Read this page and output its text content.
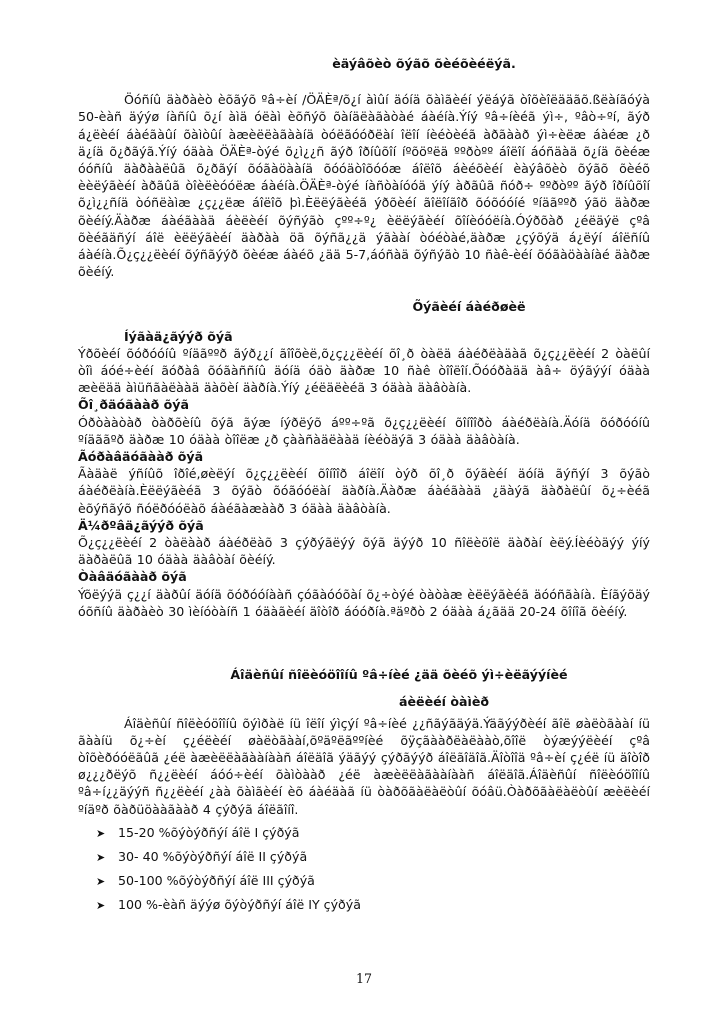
èäýâõèò õýãõ õèéõèéëýã.

Öóñíû äàðàèò èõãýõ ºâ÷èí /ÖÄÈª/õ¿í àìûí äóíä õàìãèéí ýëáýã òîõèîëääãõ.ßëàíãóýà 50-èàñ äýýø íàñíû õ¿í àìä óëàì èõñýõ õàíäëàãàòàé áàéíà.Ýíý ºâ÷íèéã ýì÷, ºâò÷ºí, ãýð á¿ëèéí áàéãàûí õàìòûí àæèëëàãààíä òóëãóóðëàí îëîí íèéòèéã àðãààð ýì÷èëæ áàéæ ¿ð ä¿íä õ¿ðãýã.Ýíý óäàà ÖÄÈª-òýé õ¿ì¿¿ñ ãýð îðíûõîí íºõöºëä ººðòºº áîëîí áóñäàä õ¿íä õèéæ óóñíû äàðààëûã õ¿ðãýí õóãàöààíä õóóäòîõóóæ áîëîõ áèéõèéí èàýâõèò õýãõ õèéõ èèëýãèéí àðãûã òîèëèóóëæ áàéíà.ÖÄÈª-òýé íàñòàíóóä ýíý àðãûã ñóð÷ ººðòºº ãýð îðíûõîí õ¿ì¿¿ñíä òóñëàìæ ¿ç¿¿ëæ áîëîõ þì.Èëëýãèéã ýðõèéí ãîëîíãîð õóõóóíé ºíäãººð ýãö äàðæ õèéíý.Äàðæ áàéãààä áèëèéí õýñýãò çºº÷º¿ èëëýãèéí õîíèóóëíà.Óýðõàð ¿éëäýë çºâ õèéãäñýí áîë èëëýãèéí äàðàà öã õýñã¿¿ä ýãààí òóéòàé,äàðæ ¿çýõýä á¿ëýí áîëñíû áàéíà.Õ¿ç¿¿ëèéí õýñãýýð õèéæ áàéõ ¿ää 5-7,áóñàä õýñýãò 10 ñàê-èéí õóãàöààíàé äàðæ õèéíý.

Õýãèéí áàéðøèë

Íýãàä¿ãýýð õýã

Ýðõèéí õóðóóíû ºíäãººð ãýð¿¿í ãîîõèë,õ¿ç¿¿ëèéí õî¸ð òàëä áàéðëàäàã õ¿ç¿¿ëèéí 2 òàëûí òîì áóé÷èéí ãóðàâ õóãàññíû äóíä óäò äàðæ 10 ñàê òîîëîí.Õóóðàää àâ÷ öýãýýí óäàà æèëää àìüñãàëààä äàõèí äàðíà.Ýíý ¿éëäëèéã 3 óäàà äàâòàíà.

Õî¸ðäóãààð õýã

Óðòààòàð òàðõèíû õýã ãýæ íýðëýõ áºº÷ºã õ¿ç¿¿ëèéí õîíîîðò áàéðëàíà.Äóíä õóðóóíû ºíäããºð äàðæ 10 óäàà òîîëæ ¿ð çààñàäëààä íèéòäýã 3 óäàà äàâòàíà.

Ãóðàâäóãààð õýã

Ãàäàë ýñíûõ îðîé,øèëýí õ¿ç¿¿ëèéí õîíîîð áîëîí òýð õî¸ð õýãèéí äóíä ãýñýí 3 õýãò áàéðëàíà.Èëëýãèéã 3 õýãò õóãóóëàí äàðíà.Äàðæ áàéãààä ¿äàýã äàðàëûí õ¿÷èéã èõýñãýõ ñóëðóóëàõ áàéãàæààð 3 óäàà äàâòàíà.

Ä¼ðºâä¿ãýýð õýã

Õ¿ç¿¿ëèéí 2 òàëààð áàéðëàõ 3 çýðýãëýý õýã äýýð 10 ñîëèöîë äàðàí èëý.Íèéòäýý ýíý äàðàëûã 10 óäàà äàâòàí õèéíý.

Òàâäóãààð õýã

Ýõëýýä ç¿¿í äàðûí äóíä õóðóóíààñ çóãàóóõàí õ¿÷òýé òàòàæ èëëýãèéã äóóñãàíà. Èíãýõäý óõñíû äàðàèò 30 ìèíóòàíñ 1 óäàãèéí äîòîð áóóðíà.ªäºðò 2 óäàà á¿ãää 20-24 õîíîã õèéíý.

Áîäèñûí ñîëèóöîîíû ºâ÷íèé ¿ää õèéõ ýì÷èëãýýíèé

áèëèéí òàìèð

Áîäèñûí ñîëèóöîîíû õýìðàë íü îëîí ýìçýí ºâ÷íèé ¿¿ñãýãäýä.Ýäãýýðèéí ãîë øàëòãààí íü ãààíü õ¿÷èí ç¿éëèéí øàëòãààí,õºäºëãººíèé õÿçãààðëàëààò,õîîë òýæýýëèéí çºâ òîõèðóóëãûã ¿éë àæèëëàãààíààñ áîëäîã ýäãýý çýðãýýð áîëãîäîã.Äîòîîä ºâ÷èí ç¿éë íü äîòîð ø¿¿¿ðëýõ ñ¿¿ëèéí áóó÷èéí õàìòààð ¿éë àæèëëàãààíààñ áîëäîã.Áîäèñûí ñîëèóöîîíû ºâ÷í¿¿äýýñ ñ¿¿ëèéí ¿àà õàìãèéí èõ áàéäàã íü òàðõãàëàëòûí õóâü.Òàðõãàëàëòûí æèëèéí ºíäºð õàðüöààãààð 4 çýðýã áîëãîíî.

➤	15-20 %õýòýðñýí áîë I çýðýã
➤	30- 40 %õýòýðñýí áîë II çýðýã
➤	50-100 %õýòýðñýí áîë III çýðýã
➤	100 %-èàñ äýýø õýòýðñýí áîë IY çýðýã
17
